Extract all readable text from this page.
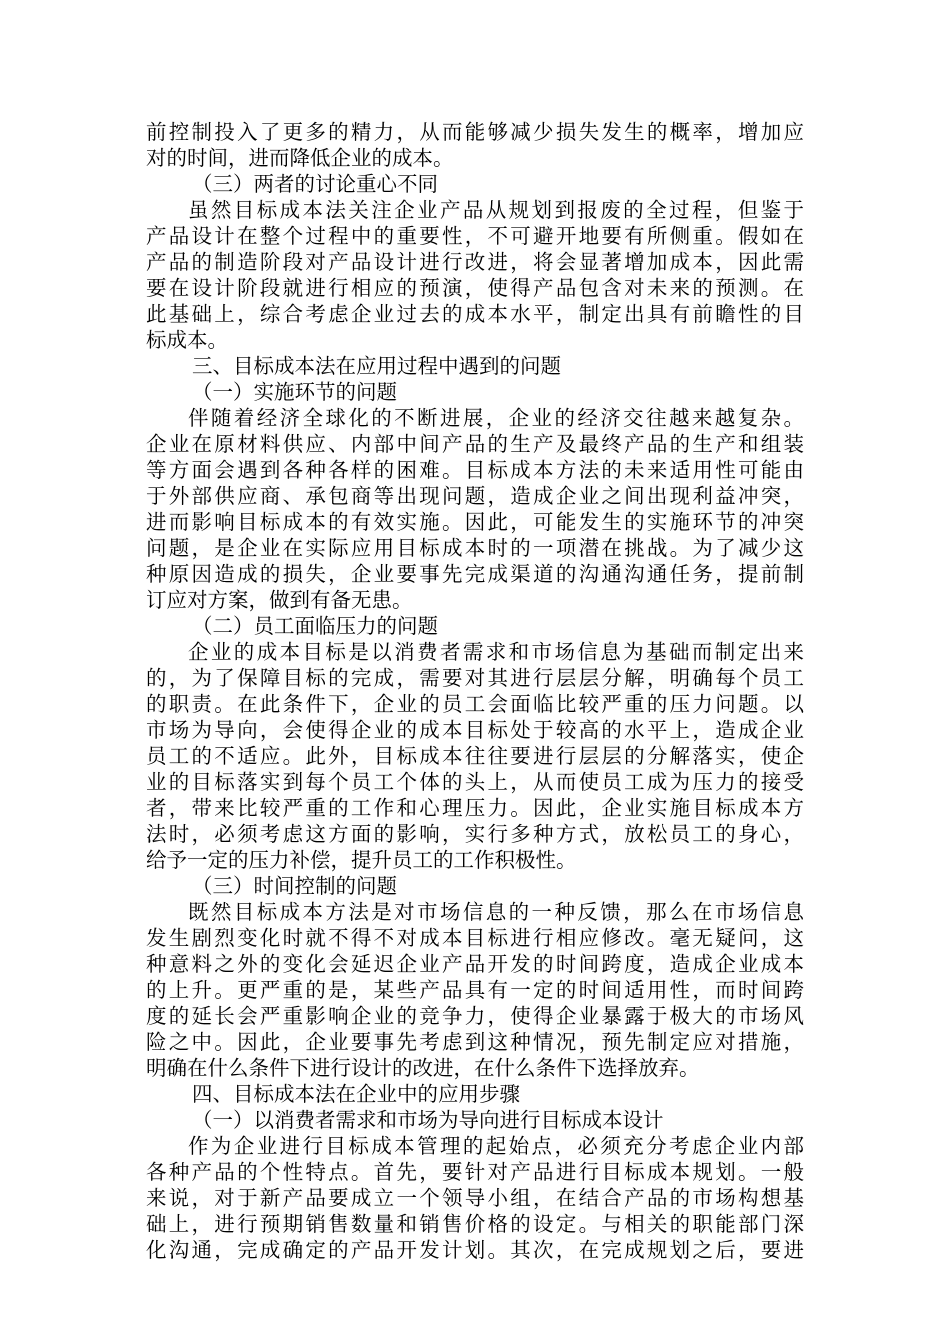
前控制投入了更多的精力，从而能够减少损失发生的概率，增加应
对的时间，进而降低企业的成本。
（三）两者的讨论重心不同
虽然目标成本法关注企业产品从规划到报废的全过程，但鉴于
产品设计在整个过程中的重要性，不可避开地要有所侧重。假如在
产品的制造阶段对产品设计进行改进，将会显著增加成本，因此需
要在设计阶段就进行相应的预演，使得产品包含对未来的预测。在
此基础上，综合考虑企业过去的成本水平，制定出具有前瞻性的目
标成本。
三、目标成本法在应用过程中遇到的问题
（一）实施环节的问题
伴随着经济全球化的不断进展，企业的经济交往越来越复杂。
企业在原材料供应、内部中间产品的生产及最终产品的生产和组装
等方面会遇到各种各样的困难。目标成本方法的未来适用性可能由
于外部供应商、承包商等出现问题，造成企业之间出现利益冲突，
进而影响目标成本的有效实施。因此，可能发生的实施环节的冲突
问题，是企业在实际应用目标成本时的一项潜在挑战。为了减少这
种原因造成的损失，企业要事先完成渠道的沟通沟通任务，提前制
订应对方案，做到有备无患。
（二）员工面临压力的问题
企业的成本目标是以消费者需求和市场信息为基础而制定出来
的，为了保障目标的完成，需要对其进行层层分解，明确每个员工
的职责。在此条件下，企业的员工会面临比较严重的压力问题。以
市场为导向，会使得企业的成本目标处于较高的水平上，造成企业
员工的不适应。此外，目标成本往往要进行层层的分解落实，使企
业的目标落实到每个员工个体的头上，从而使员工成为压力的接受
者，带来比较严重的工作和心理压力。因此，企业实施目标成本方
法时，必须考虑这方面的影响，实行多种方式，放松员工的身心，
给予一定的压力补偿，提升员工的工作积极性。
（三）时间控制的问题
既然目标成本方法是对市场信息的一种反馈，那么在市场信息
发生剧烈变化时就不得不对成本目标进行相应修改。毫无疑问，这
种意料之外的变化会延迟企业产品开发的时间跨度，造成企业成本
的上升。更严重的是，某些产品具有一定的时间适用性，而时间跨
度的延长会严重影响企业的竞争力，使得企业暴露于极大的市场风
险之中。因此，企业要事先考虑到这种情况，预先制定应对措施，
明确在什么条件下进行设计的改进，在什么条件下选择放弃。
四、目标成本法在企业中的应用步骤
（一）以消费者需求和市场为导向进行目标成本设计
作为企业进行目标成本管理的起始点，必须充分考虑企业内部
各种产品的个性特点。首先，要针对产品进行目标成本规划。一般
来说，对于新产品要成立一个领导小组，在结合产品的市场构想基
础上，进行预期销售数量和销售价格的设定。与相关的职能部门深
化沟通，完成确定的产品开发计划。其次，在完成规划之后，要进
